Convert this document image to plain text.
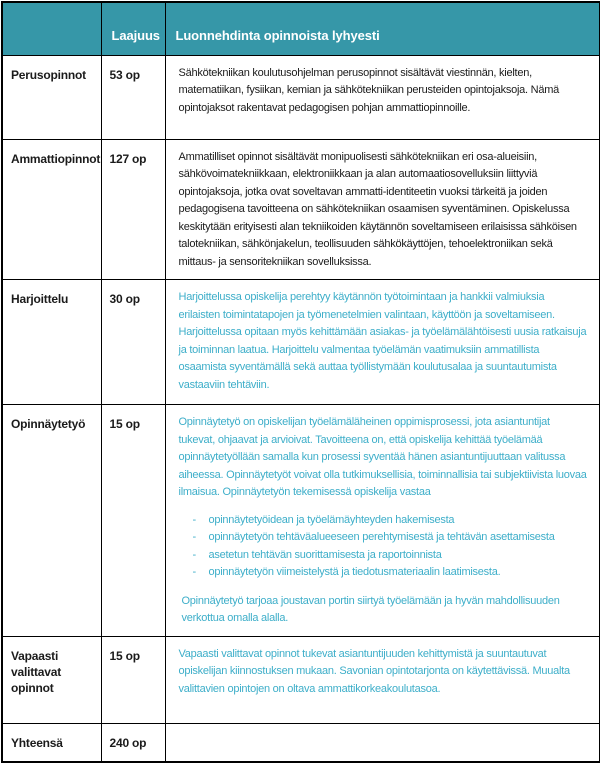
	Laajuus	Luonnehdinta opinnoista lyhyesti
Perusopinnot	53 op	Sähkötekniikan koulutusohjelman perusopinnot sisältävät viestinnän, kielten, matematiikan, fysiikan, kemian ja sähkötekniikan perusteiden opintojaksoja. Nämä opintojaksot rakentavat pedagogisen pohjan ammattiopinnoille.

Ammattiopinnot	127 op	Ammatilliset opinnot sisältävät monipuolisesti sähkötekniikan eri osa-alueisiin, sähkövoimatekniikkaan, elektroniikkaan ja alan automaatiosovelluksiin liittyviä opintojaksoja, jotka ovat soveltavan ammatti-identiteetin vuoksi tärkeitä ja joiden pedagogisena tavoitteena on sähkötekniikan osaamisen syventäminen. Opiskelussa keskitytään erityisesti alan tekniikoiden käytännön soveltamiseen erilaisissa sähköisen talotekniikan, sähkönjakelun, teollisuuden sähkökäyttöjen, tehoelektroniikan sekä mittaus- ja sensoritekniikan sovelluksissa.

Harjoittelu	30 op	Harjoittelussa opiskelija perehtyy käytännön työtoimintaan ja hankkii valmiuksia erilaisten toimintatapojen ja työmenetelmien valintaan, käyttöön ja soveltamiseen. Harjoittelussa opitaan myös kehittämään asiakas- ja työelämälähtöisesti uusia ratkaisuja ja toiminnan laatua. Harjoittelu valmentaa työelämän vaatimuksiin ammatillista osaamista syventämällä sekä auttaa työllistymään koulutusalaa ja suuntautumista vastaaviin tehtäviin.

Opinnäytetyö	15 op	Opinnäytetyö on opiskelijan työelämäläheinen oppimisprosessi, jota asiantuntijat tukevat, ohjaavat ja arvioivat. Tavoitteena on, että opiskelija kehittää työelämää opinnäytetyöllään samalla kun prosessi syventää hänen asiantuntijuuttaan valitussa aiheessa. Opinnäytetyöt voivat olla tutkimuksellisia, toiminnallisia tai subjektiivista luovaa ilmaisua. Opinnäytetyön tekemisessä opiskelija vastaa

- opinnäytetyöidean ja työelämäyhteyden hakemisesta
- opinnäytetyön tehtäväalueeseen perehtymisestä ja tehtävän asettamisesta
- asetetun tehtävän suorittamisesta ja raportoinnista
- opinnäytetyön viimeistelystä ja tiedotusmateriaalin laatimisesta.

Opinnäytetyö tarjoaa joustavan portin siirtyä työelämään ja hyvän mahdollisuuden verkottua omalla alalla.

Vapaasti valittavat opinnot	15 op	Vapaasti valittavat opinnot tukevat asiantuntijuuden kehittymistä ja suuntautuvat opiskelijan kiinnostuksen mukaan. Savonian opintotarjonta on käytettävissä. Muualta valittavien opintojen on oltava ammattikorkeakoulutasoa.

Yhteensä	240 op	
